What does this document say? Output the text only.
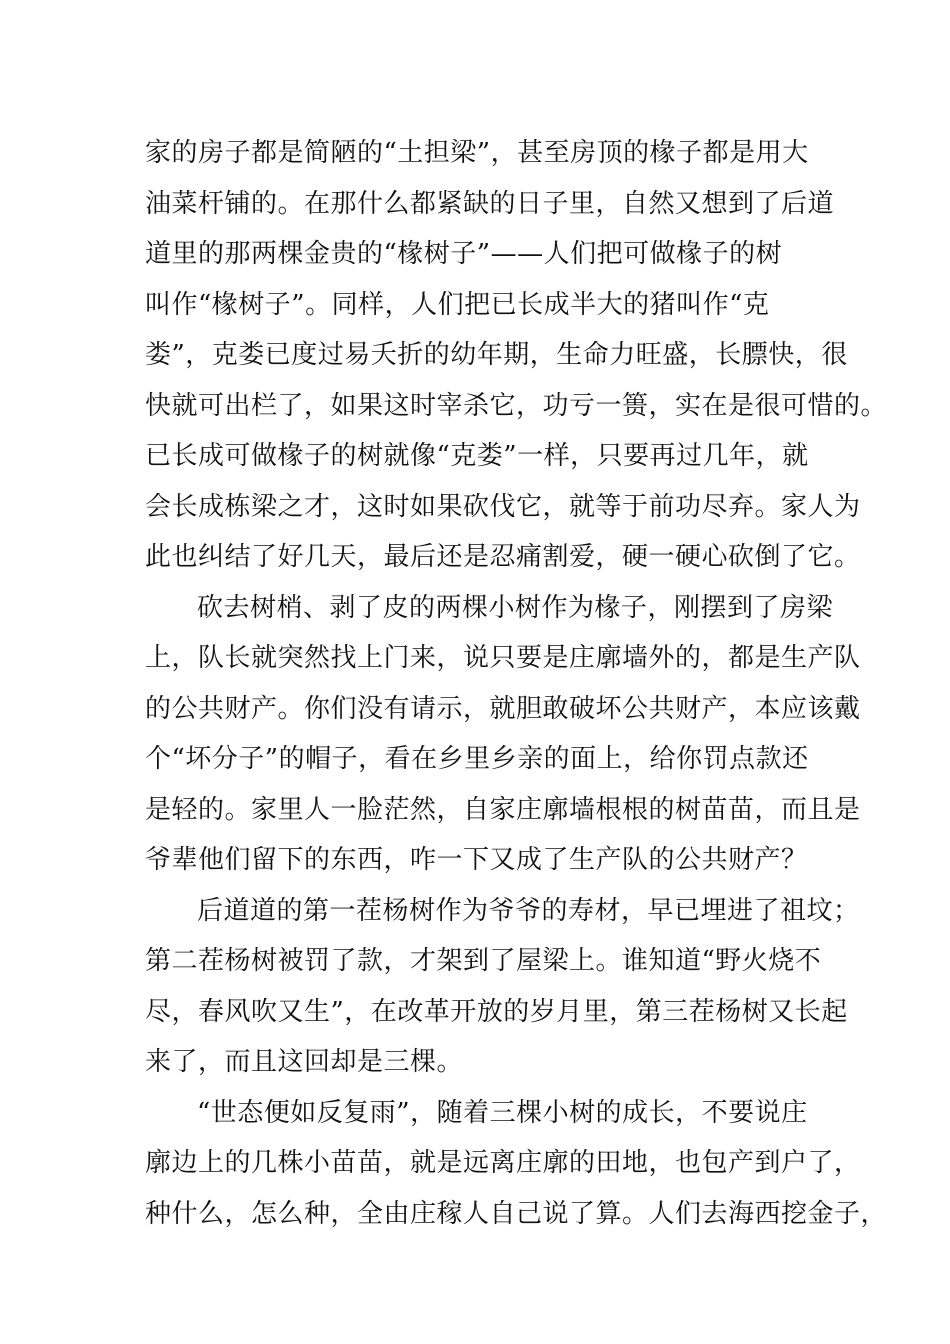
家的房子都是简陋的“土担梁”，甚至房顶的椽子都是用大
油菜杆铺的。在那什么都紧缺的日子里，自然又想到了后道
道里的那两棵金贵的“椽树子”——人们把可做椽子的树
叫作“椽树子”。同样，人们把已长成半大的猪叫作“克
娄”，克娄已度过易夭折的幼年期，生命力旺盛，长膘快，很
快就可出栏了，如果这时宰杀它，功亏一篑，实在是很可惜的。
已长成可做椽子的树就像“克娄”一样，只要再过几年，就
会长成栋梁之才，这时如果砍伐它，就等于前功尽弃。家人为
此也纠结了好几天，最后还是忍痛割爱，硬一硬心砍倒了它。
砍去树梢、剥了皮的两棵小树作为椽子，刚摆到了房梁
上，队长就突然找上门来，说只要是庄廓墙外的，都是生产队
的公共财产。你们没有请示，就胆敢破坏公共财产，本应该戴
个“坏分子”的帽子，看在乡里乡亲的面上，给你罚点款还
是轻的。家里人一脸茫然，自家庄廓墙根根的树苗苗，而且是
爷辈他们留下的东西，咋一下又成了生产队的公共财产？
后道道的第一茬杨树作为爷爷的寿材，早已埋进了祖坟；
第二茬杨树被罚了款，才架到了屋梁上。谁知道“野火烧不
尽，春风吹又生”，在改革开放的岁月里，第三茬杨树又长起
来了，而且这回却是三棵。
“世态便如反复雨”，随着三棵小树的成长，不要说庄
廓边上的几株小苗苗，就是远离庄廓的田地，也包产到户了，
种什么，怎么种，全由庄稼人自己说了算。人们去海西挖金子，
